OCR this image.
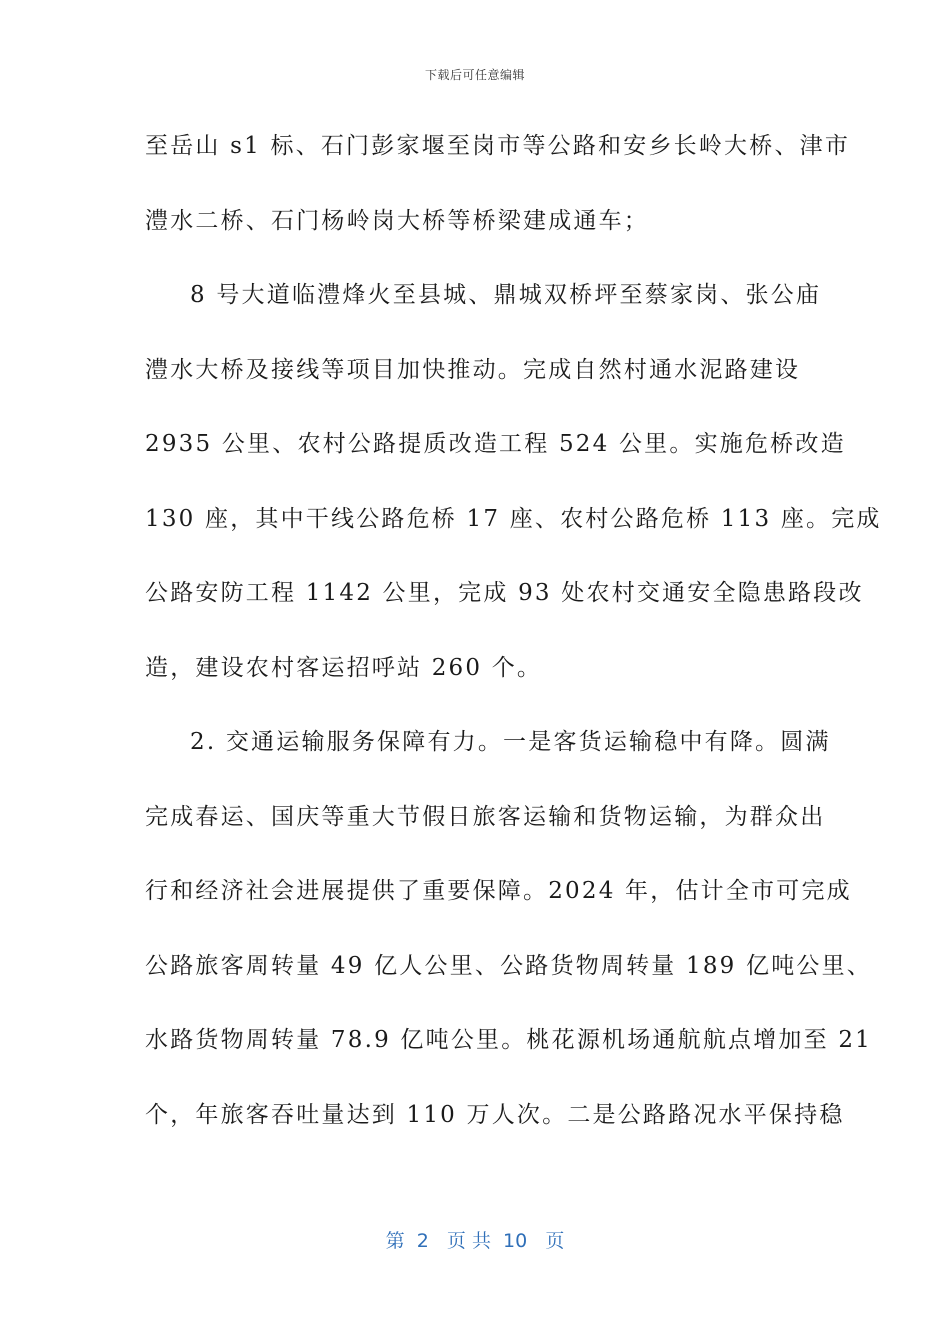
下载后可任意编辑
至岳山 s1 标、石门彭家堰至岗市等公路和安乡长岭大桥、津市
澧水二桥、石门杨岭岗大桥等桥梁建成通车；
8 号大道临澧烽火至县城、鼎城双桥坪至蔡家岗、张公庙
澧水大桥及接线等项目加快推动。完成自然村通水泥路建设
2935 公里、农村公路提质改造工程 524 公里。实施危桥改造
130 座，其中干线公路危桥 17 座、农村公路危桥 113 座。完成
公路安防工程 1142 公里，完成 93 处农村交通安全隐患路段改
造，建设农村客运招呼站 260 个。
2. 交通运输服务保障有力。一是客货运输稳中有降。圆满
完成春运、国庆等重大节假日旅客运输和货物运输，为群众出
行和经济社会进展提供了重要保障。2024 年，估计全市可完成
公路旅客周转量 49 亿人公里、公路货物周转量 189 亿吨公里、
水路货物周转量 78.9 亿吨公里。桃花源机场通航航点增加至 21
个，年旅客吞吐量达到 110 万人次。二是公路路况水平保持稳
第  2   页 共  10   页
